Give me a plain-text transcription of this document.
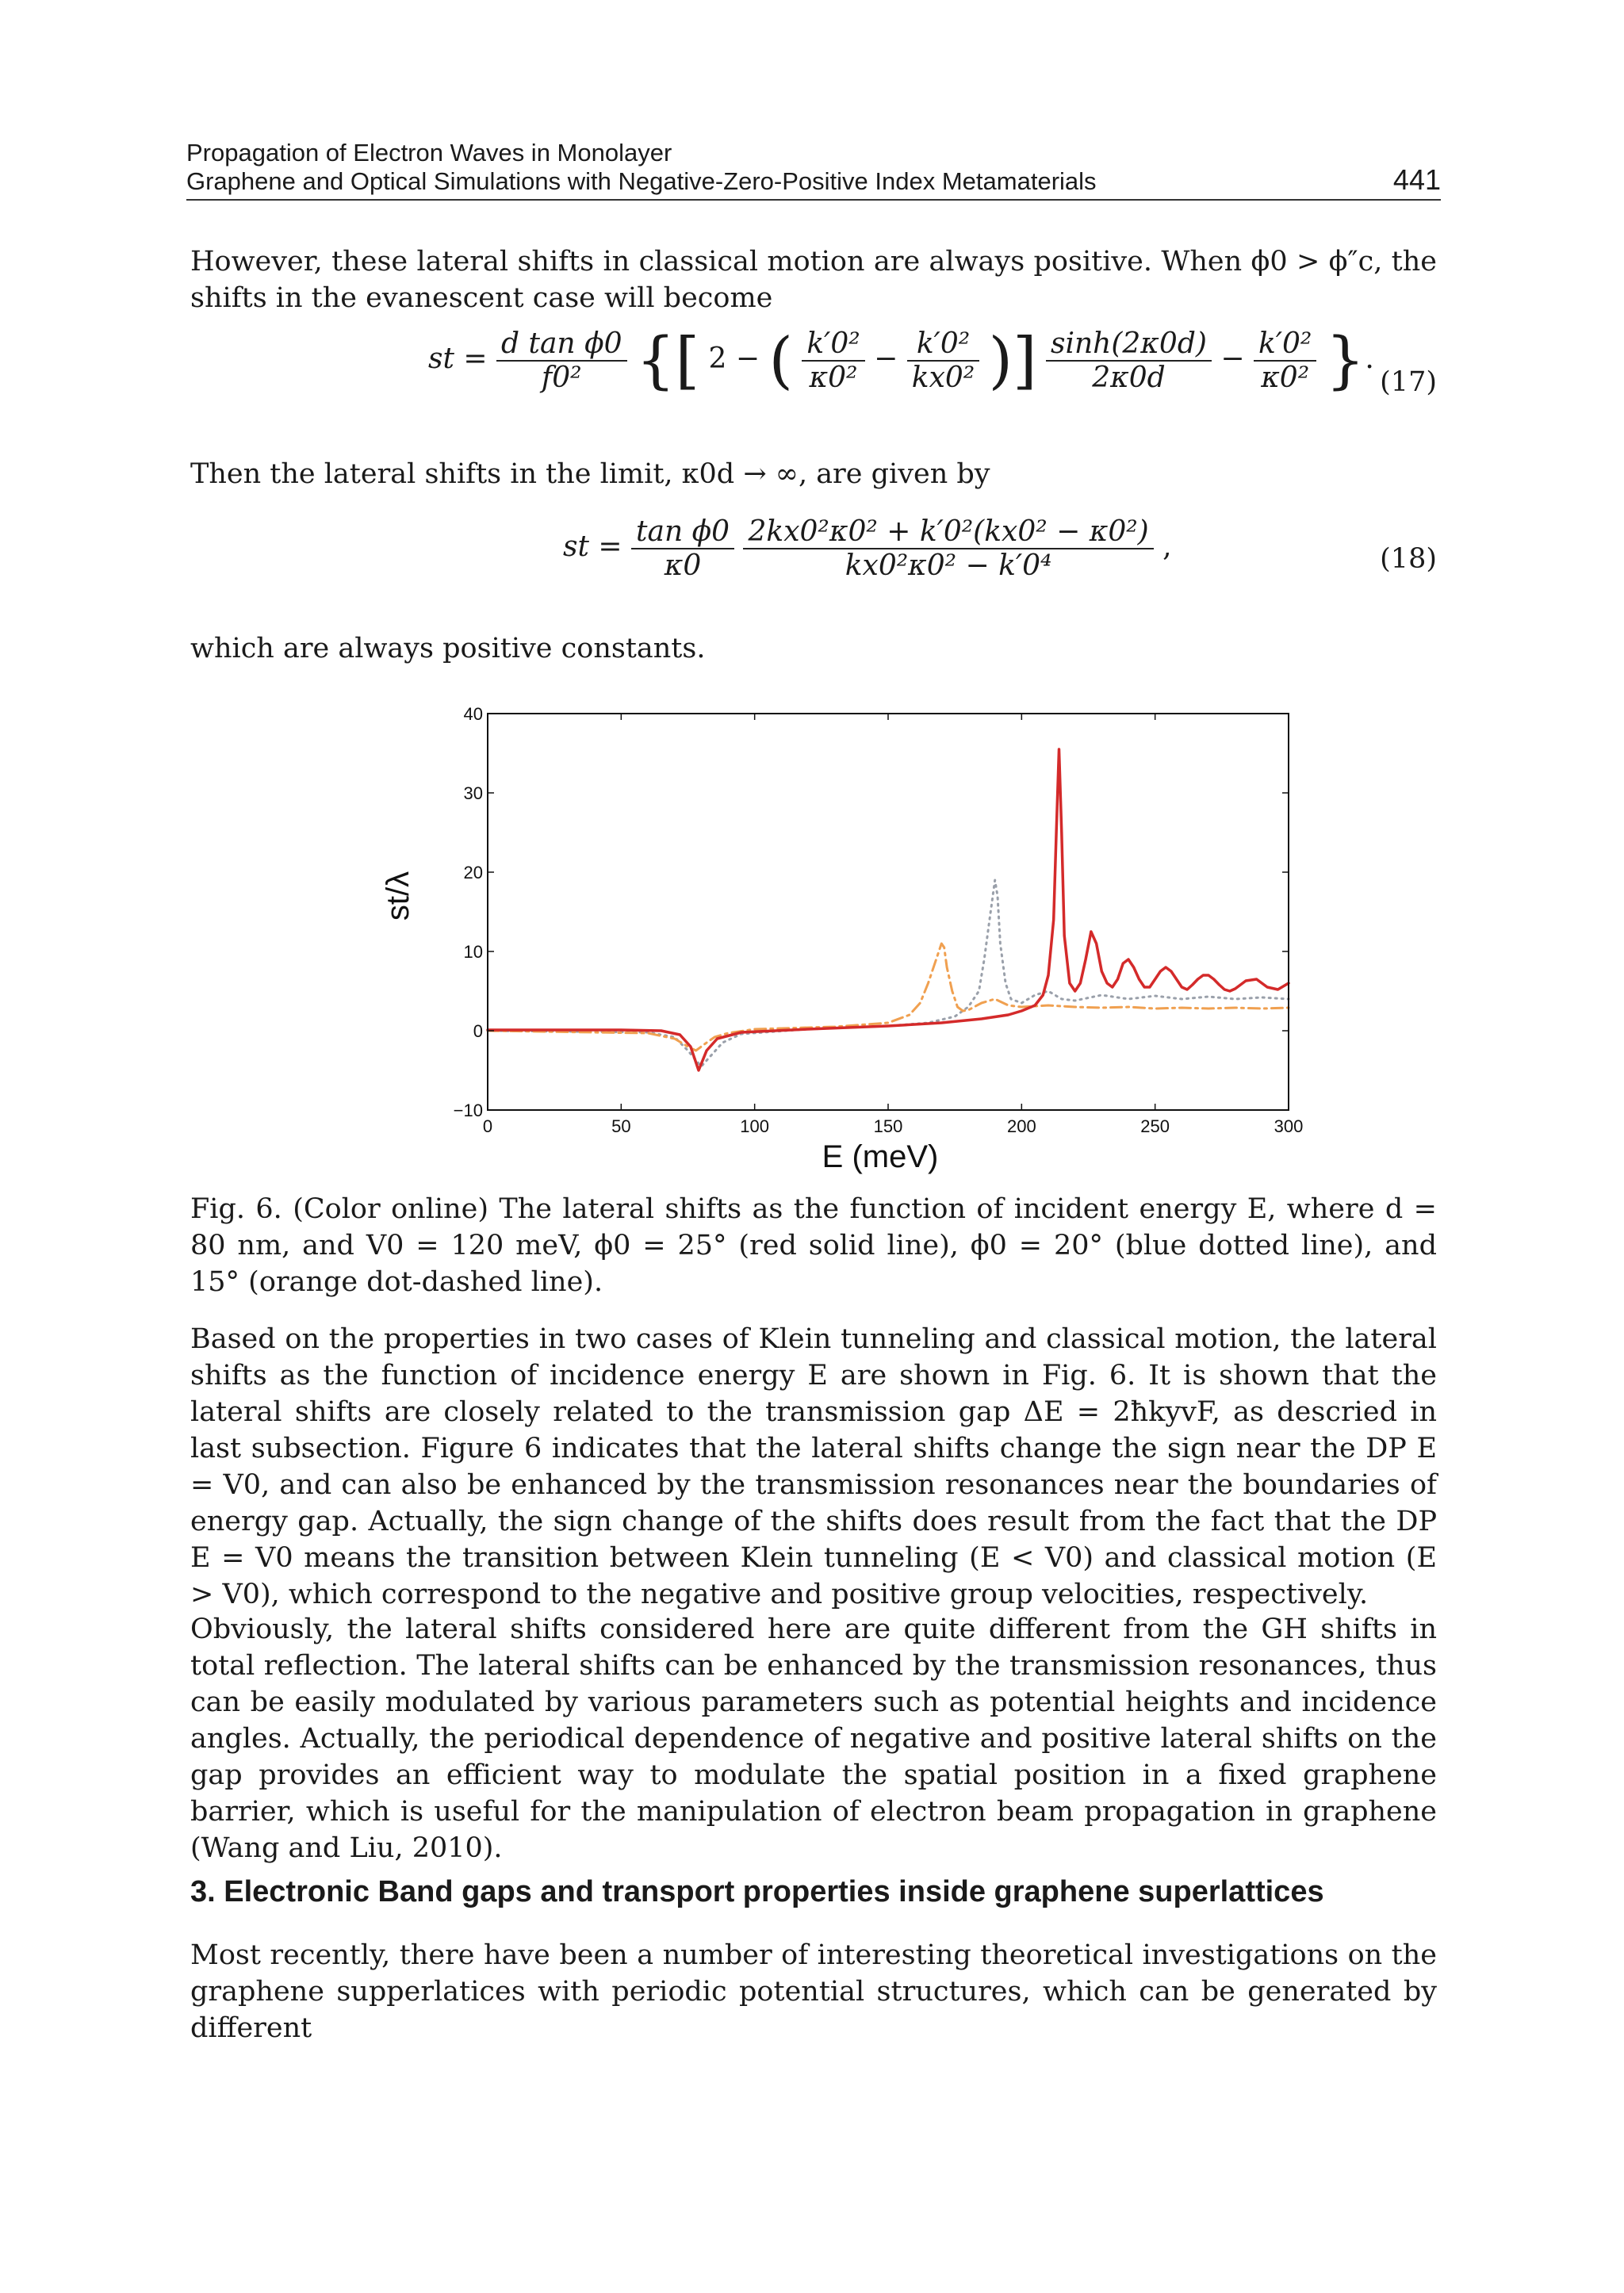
Propagation of Electron Waves in Monolayer
Graphene and Optical Simulations with Negative-Zero-Positive Index Metamaterials	441

However, these lateral shifts in classical motion are always positive. When ϕ0 > ϕ″c, the shifts in the evanescent case will become

st = $\frac{\text{d tan ϕ0}}{\text{f0²}}$ {[ 2 − ( $\frac{\text{k′0²}}{\text{κ0²}} - \frac{\text{k′0²}}{\text{kx0²}}$ )] $\frac{\sinh(2\kappa 0d)}{2\kappa 0d} - \frac{\text{k′0²}}{\text{κ0²}}$ }.
(17)

Then the lateral shifts in the limit, κ0d → ∞, are given by

st = $\frac{\text{tan ϕ0}}{\kappa 0}$
$\frac{\text{2kx0²κ0² + k′0²(kx0² − κ0²)}}{\text{kx0²κ0² − k′0⁴}}$ ,	(18)

which are always positive constants.

0	50	100	150	200	250	300
−10
0
10
20
30
40
E (meV)
st/λ

Fig. 6. (Color online) The lateral shifts as the function of incident energy E, where d = 80 nm, and V0 = 120 meV, ϕ0 = 25° (red solid line), ϕ0 = 20° (blue dotted line), and 15° (orange dot-dashed line).

Based on the properties in two cases of Klein tunneling and classical motion, the lateral shifts as the function of incidence energy E are shown in Fig. 6. It is shown that the lateral shifts are closely related to the transmission gap ΔE = 2ħkyvF, as descried in last subsection. Figure 6 indicates that the lateral shifts change the sign near the DP E = V0, and can also be enhanced by the transmission resonances near the boundaries of energy gap. Actually, the sign change of the shifts does result from the fact that the DP E = V0 means the transition between Klein tunneling (E < V0) and classical motion (E > V0), which correspond to the negative and positive group velocities, respectively.

Obviously, the lateral shifts considered here are quite different from the GH shifts in total reflection. The lateral shifts can be enhanced by the transmission resonances, thus can be easily modulated by various parameters such as potential heights and incidence angles. Actually, the periodical dependence of negative and positive lateral shifts on the gap provides an efficient way to modulate the spatial position in a fixed graphene barrier, which is useful for the manipulation of electron beam propagation in graphene (Wang and Liu, 2010).

3. Electronic Band gaps and transport properties inside graphene superlattices

Most recently, there have been a number of interesting theoretical investigations on the graphene supperlatices with periodic potential structures, which can be generated by different
